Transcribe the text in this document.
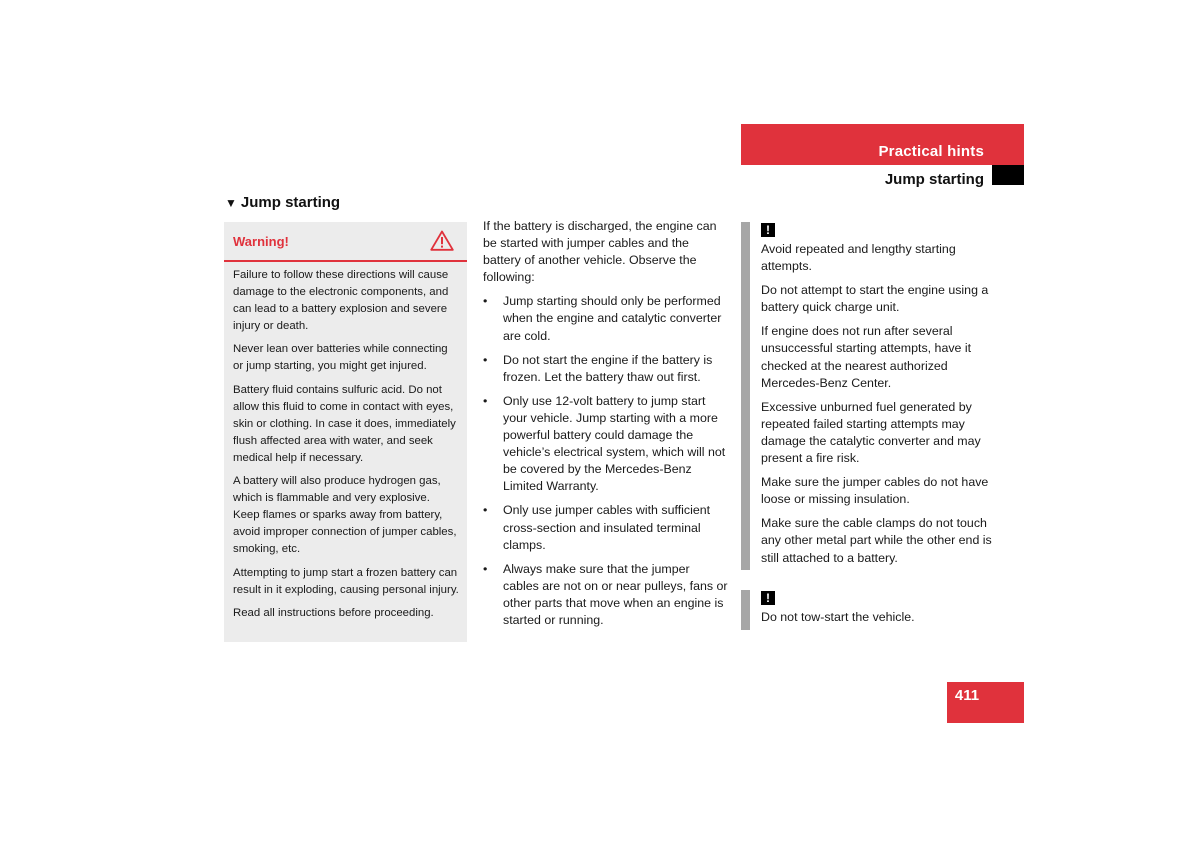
Practical hints
Jump starting
▼ Jump starting
Warning!

Failure to follow these directions will cause damage to the electronic components, and can lead to a battery explosion and severe injury or death.

Never lean over batteries while connecting or jump starting, you might get injured.

Battery fluid contains sulfuric acid. Do not allow this fluid to come in contact with eyes, skin or clothing. In case it does, immediately flush affected area with water, and seek medical help if necessary.

A battery will also produce hydrogen gas, which is flammable and very explosive. Keep flames or sparks away from battery, avoid improper connection of jumper cables, smoking, etc.

Attempting to jump start a frozen battery can result in it exploding, causing personal injury.

Read all instructions before proceeding.

If the battery is discharged, the engine can be started with jumper cables and the battery of another vehicle. Observe the following:

• Jump starting should only be performed when the engine and catalytic converter are cold.
• Do not start the engine if the battery is frozen. Let the battery thaw out first.
• Only use 12-volt battery to jump start your vehicle. Jump starting with a more powerful battery could damage the vehicle’s electrical system, which will not be covered by the Mercedes-Benz Limited Warranty.
• Only use jumper cables with sufficient cross-section and insulated terminal clamps.
• Always make sure that the jumper cables are not on or near pulleys, fans or other parts that move when an engine is started or running.
!

Avoid repeated and lengthy starting attempts.

Do not attempt to start the engine using a battery quick charge unit.

If engine does not run after several unsuccessful starting attempts, have it checked at the nearest authorized Mercedes-Benz Center.

Excessive unburned fuel generated by repeated failed starting attempts may damage the catalytic converter and may present a fire risk.

Make sure the jumper cables do not have loose or missing insulation.

Make sure the cable clamps do not touch any other metal part while the other end is still attached to a battery.

!

Do not tow-start the vehicle.

411
